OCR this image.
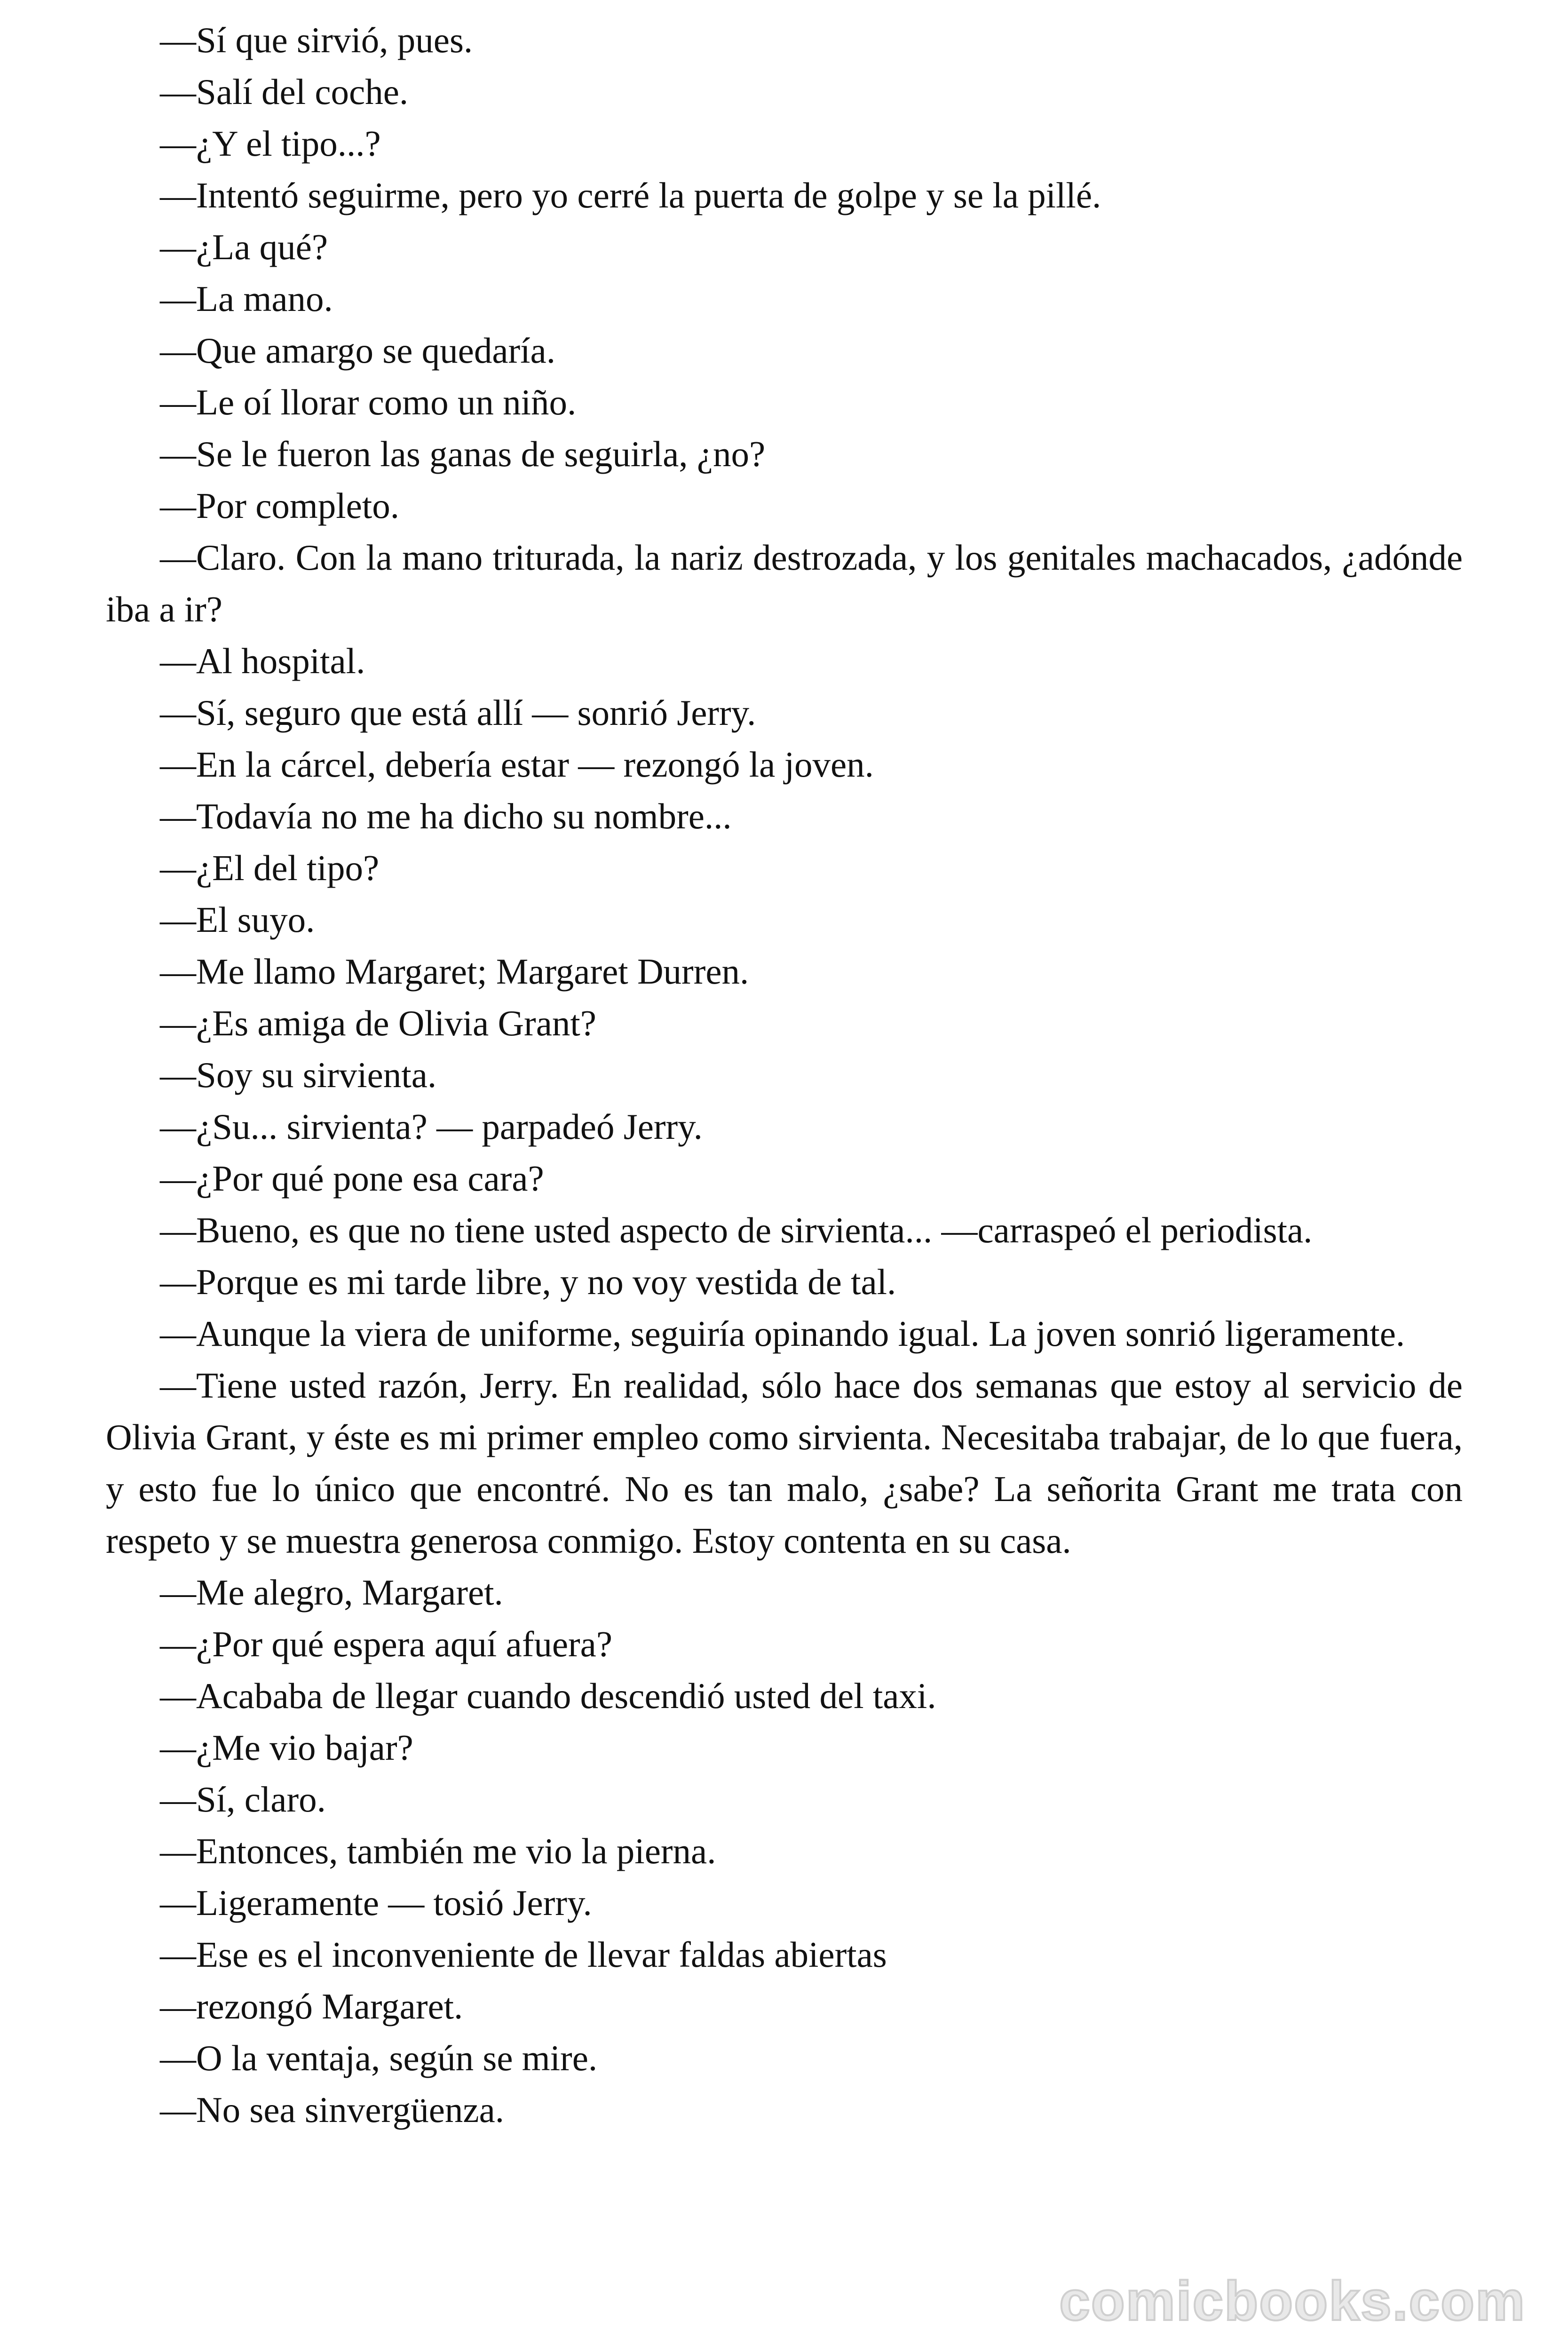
—Sí que sirvió, pues.

—Salí del coche.

—¿Y el tipo...?

—Intentó seguirme, pero yo cerré la puerta de golpe y se la pillé.

—¿La qué?

—La mano.

—Que amargo se quedaría.

—Le oí llorar como un niño.

—Se le fueron las ganas de seguirla, ¿no?

—Por completo.

—Claro. Con la mano triturada, la nariz destrozada, y los genitales machacados, ¿adónde iba a ir?

—Al hospital.

—Sí, seguro que está allí — sonrió Jerry.

—En la cárcel, debería estar — rezongó la joven.

—Todavía no me ha dicho su nombre...

—¿El del tipo?

—El suyo.

—Me llamo Margaret; Margaret Durren.

—¿Es amiga de Olivia Grant?

—Soy su sirvienta.

—¿Su... sirvienta? — parpadeó Jerry.

—¿Por qué pone esa cara?

—Bueno, es que no tiene usted aspecto de sirvienta... —carraspeó el periodista.

—Porque es mi tarde libre, y no voy vestida de tal.

—Aunque la viera de uniforme, seguiría opinando igual. La joven sonrió ligeramente.

—Tiene usted razón, Jerry. En realidad, sólo hace dos semanas que estoy al servicio de Olivia Grant, y éste es mi primer empleo como sirvienta. Necesitaba trabajar, de lo que fuera, y esto fue lo único que encontré. No es tan malo, ¿sabe? La señorita Grant me trata con respeto y se muestra generosa conmigo. Estoy contenta en su casa.

—Me alegro, Margaret.

—¿Por qué espera aquí afuera?

—Acababa de llegar cuando descendió usted del taxi.

—¿Me vio bajar?

—Sí, claro.

—Entonces, también me vio la pierna.

—Ligeramente — tosió Jerry.

—Ese es el inconveniente de llevar faldas abiertas

—rezongó Margaret.

—O la ventaja, según se mire.

—No sea sinvergüenza.

comicbooks.com
